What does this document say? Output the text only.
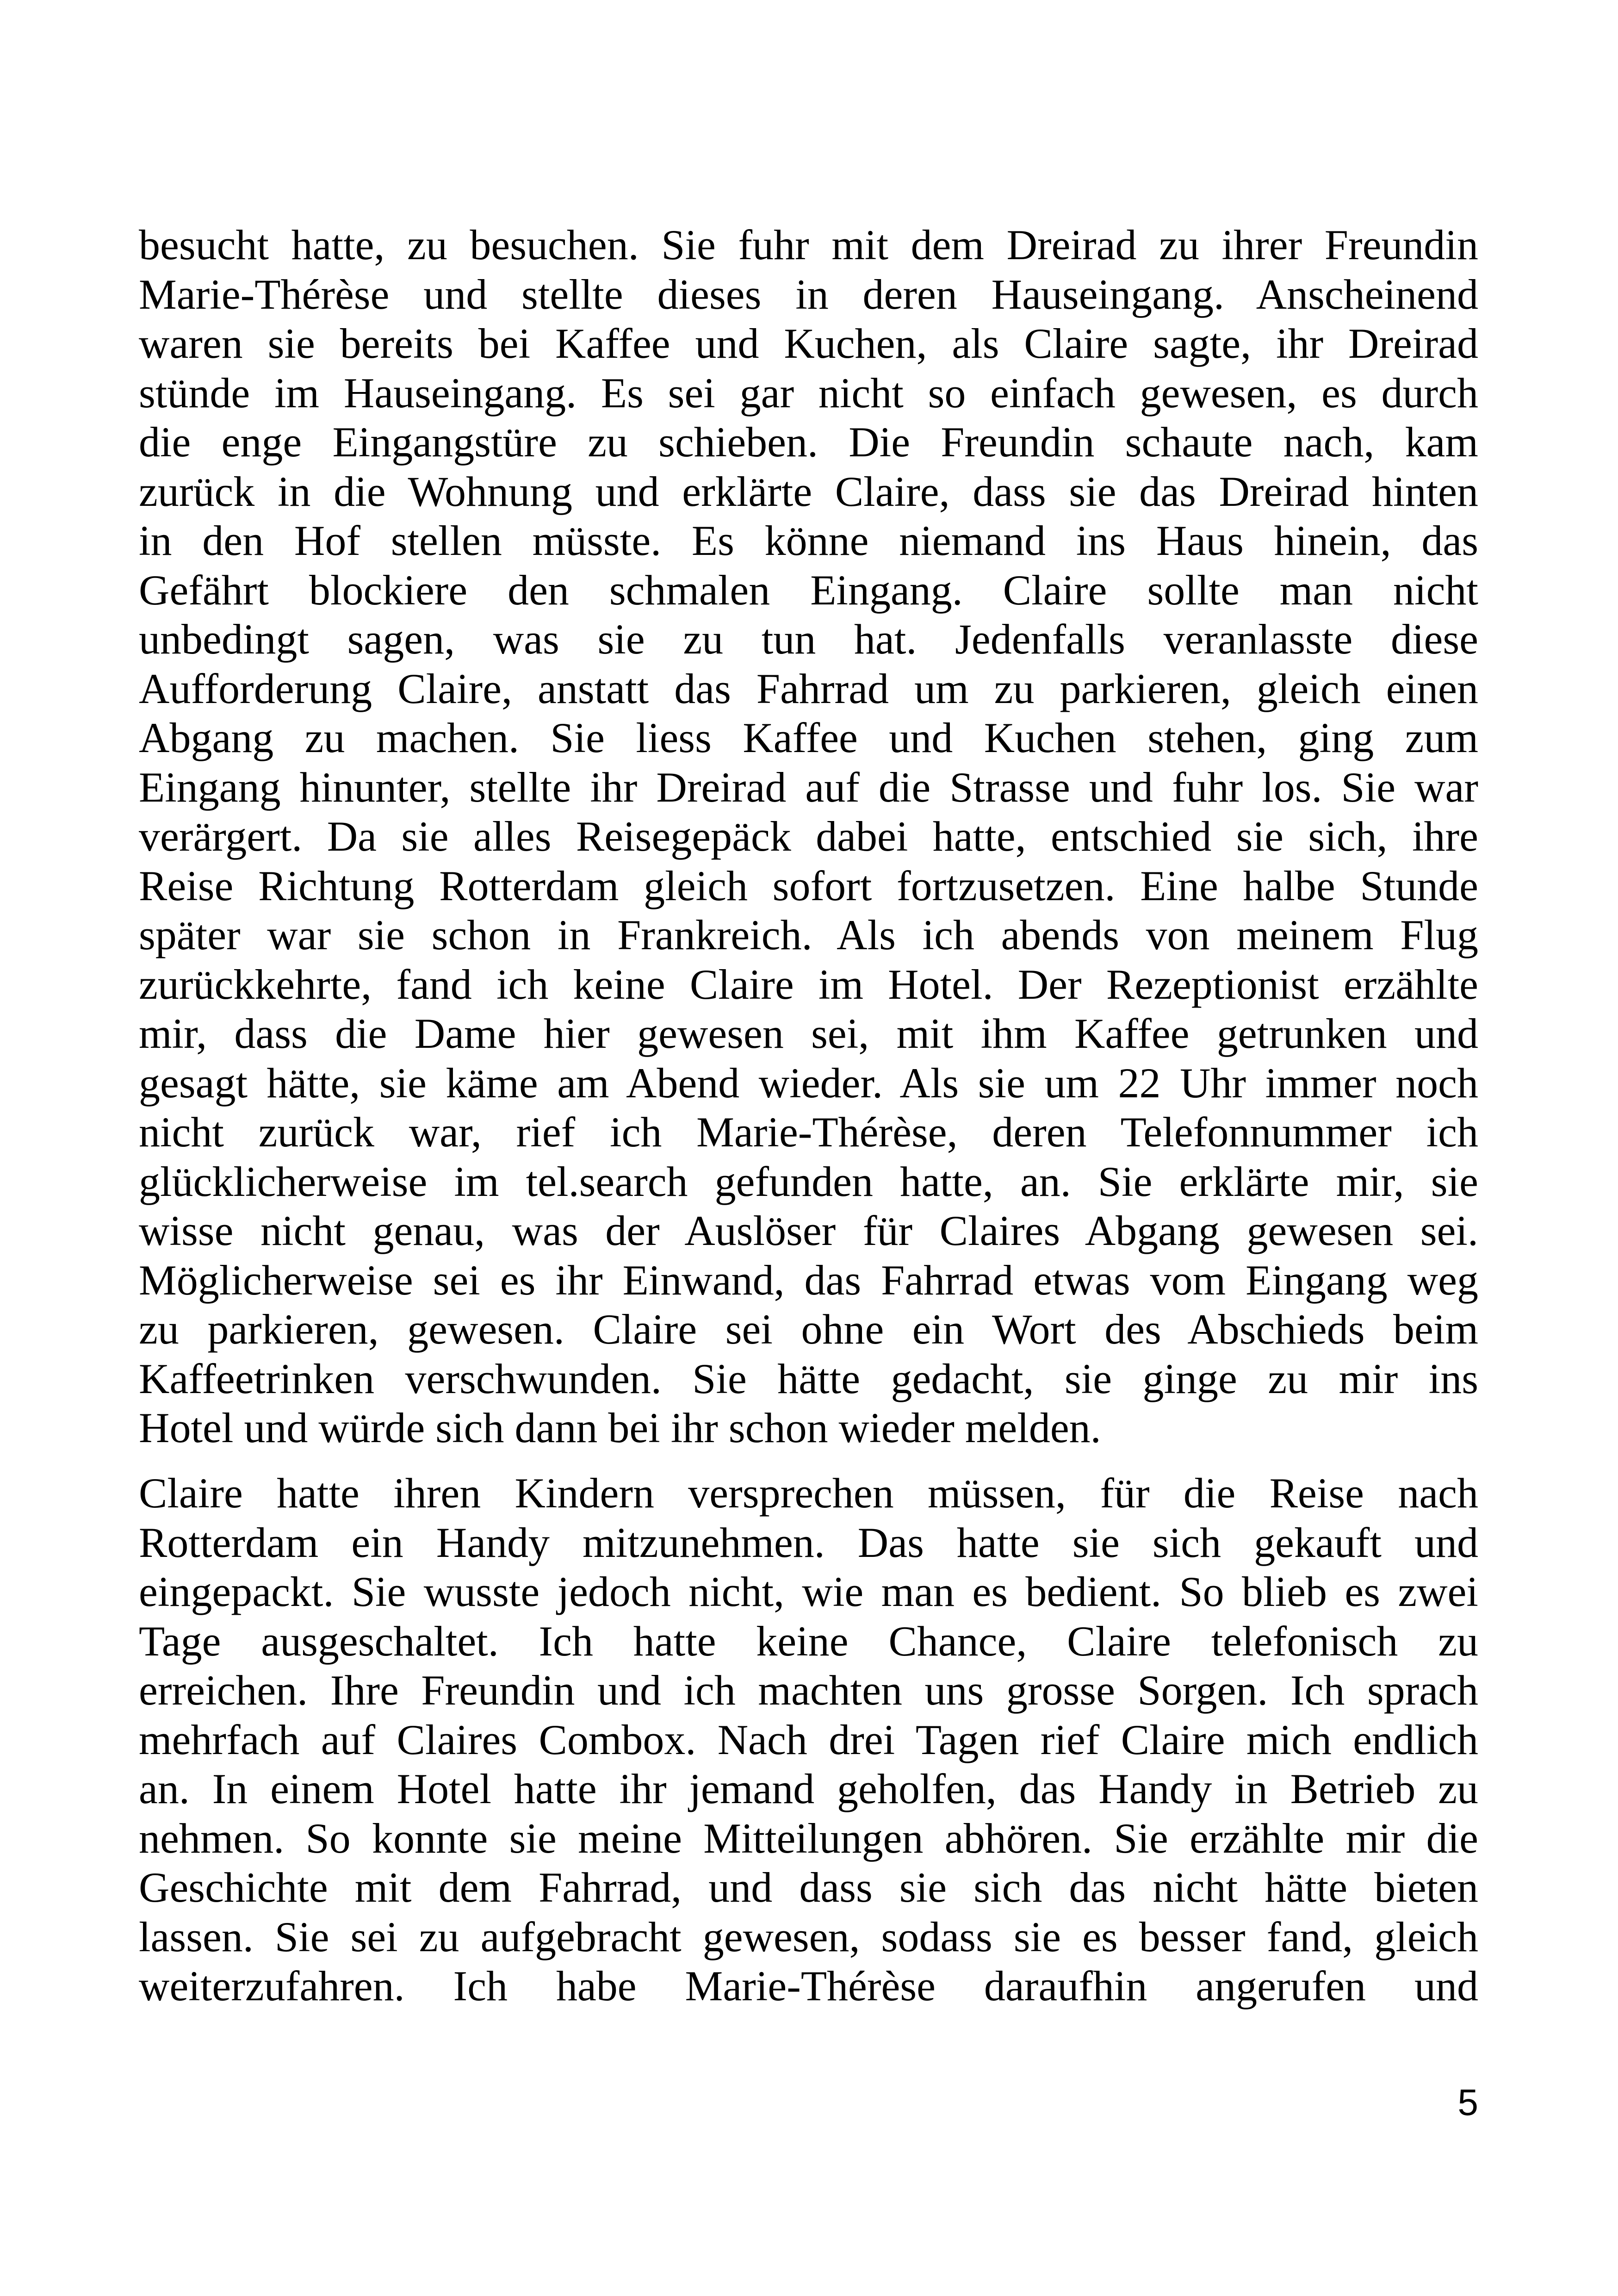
besucht hatte, zu besuchen. Sie fuhr mit dem Dreirad zu ihrer Freundin
Marie-Thérèse und stellte dieses in deren Hauseingang. Anscheinend
waren sie bereits bei Kaffee und Kuchen, als Claire sagte, ihr Dreirad
stünde im Hauseingang. Es sei gar nicht so einfach gewesen, es durch
die enge Eingangstüre zu schieben. Die Freundin schaute nach, kam
zurück in die Wohnung und erklärte Claire, dass sie das Dreirad hinten
in den Hof stellen müsste. Es könne niemand ins Haus hinein, das
Gefährt blockiere den schmalen Eingang. Claire sollte man nicht
unbedingt sagen, was sie zu tun hat. Jedenfalls veranlasste diese
Aufforderung Claire, anstatt das Fahrrad um zu parkieren, gleich einen
Abgang zu machen. Sie liess Kaffee und Kuchen stehen, ging zum
Eingang hinunter, stellte ihr Dreirad auf die Strasse und fuhr los. Sie war
verärgert. Da sie alles Reisegepäck dabei hatte, entschied sie sich, ihre
Reise Richtung Rotterdam gleich sofort fortzusetzen. Eine halbe Stunde
später war sie schon in Frankreich. Als ich abends von meinem Flug
zurückkehrte, fand ich keine Claire im Hotel. Der Rezeptionist erzählte
mir, dass die Dame hier gewesen sei, mit ihm Kaffee getrunken und
gesagt hätte, sie käme am Abend wieder. Als sie um 22 Uhr immer noch
nicht zurück war, rief ich Marie-Thérèse, deren Telefonnummer ich
glücklicherweise im tel.search gefunden hatte, an. Sie erklärte mir, sie
wisse nicht genau, was der Auslöser für Claires Abgang gewesen sei.
Möglicherweise sei es ihr Einwand, das Fahrrad etwas vom Eingang weg
zu parkieren, gewesen. Claire sei ohne ein Wort des Abschieds beim
Kaffeetrinken verschwunden. Sie hätte gedacht, sie ginge zu mir ins
Hotel und würde sich dann bei ihr schon wieder melden.
Claire hatte ihren Kindern versprechen müssen, für die Reise nach
Rotterdam ein Handy mitzunehmen. Das hatte sie sich gekauft und
eingepackt. Sie wusste jedoch nicht, wie man es bedient. So blieb es zwei
Tage ausgeschaltet. Ich hatte keine Chance, Claire telefonisch zu
erreichen. Ihre Freundin und ich machten uns grosse Sorgen. Ich sprach
mehrfach auf Claires Combox. Nach drei Tagen rief Claire mich endlich
an. In einem Hotel hatte ihr jemand geholfen, das Handy in Betrieb zu
nehmen. So konnte sie meine Mitteilungen abhören. Sie erzählte mir die
Geschichte mit dem Fahrrad, und dass sie sich das nicht hätte bieten
lassen. Sie sei zu aufgebracht gewesen, sodass sie es besser fand, gleich
weiterzufahren. Ich habe Marie-Thérèse daraufhin angerufen und
5
